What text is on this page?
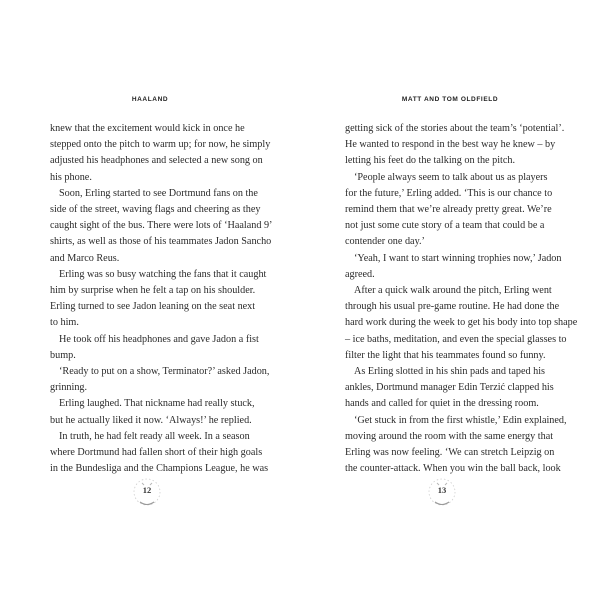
HAALAND
knew that the excitement would kick in once he
stepped onto the pitch to warm up; for now, he simply
adjusted his headphones and selected a new song on
his phone.
Soon, Erling started to see Dortmund fans on the
side of the street, waving flags and cheering as they
caught sight of the bus. There were lots of ‘Haaland 9’
shirts, as well as those of his teammates Jadon Sancho
and Marco Reus.
Erling was so busy watching the fans that it caught
him by surprise when he felt a tap on his shoulder.
Erling turned to see Jadon leaning on the seat next
to him.
He took off his headphones and gave Jadon a fist
bump.
‘Ready to put on a show, Terminator?’ asked Jadon,
grinning.
Erling laughed. That nickname had really stuck,
but he actually liked it now. ‘Always!’ he replied.
In truth, he had felt ready all week. In a season
where Dortmund had fallen short of their high goals
in the Bundesliga and the Champions League, he was
12
MATT AND TOM OLDFIELD
getting sick of the stories about the team’s ‘potential’.
He wanted to respond in the best way he knew – by
letting his feet do the talking on the pitch.
‘People always seem to talk about us as players
for the future,’ Erling added. ‘This is our chance to
remind them that we’re already pretty great. We’re
not just some cute story of a team that could be a
contender one day.’
‘Yeah, I want to start winning trophies now,’ Jadon
agreed.
After a quick walk around the pitch, Erling went
through his usual pre-game routine. He had done the
hard work during the week to get his body into top shape
– ice baths, meditation, and even the special glasses to
filter the light that his teammates found so funny.
As Erling slotted in his shin pads and taped his
ankles, Dortmund manager Edin Terzić clapped his
hands and called for quiet in the dressing room.
‘Get stuck in from the first whistle,’ Edin explained,
moving around the room with the same energy that
Erling was now feeling. ‘We can stretch Leipzig on
the counter-attack. When you win the ball back, look
13
